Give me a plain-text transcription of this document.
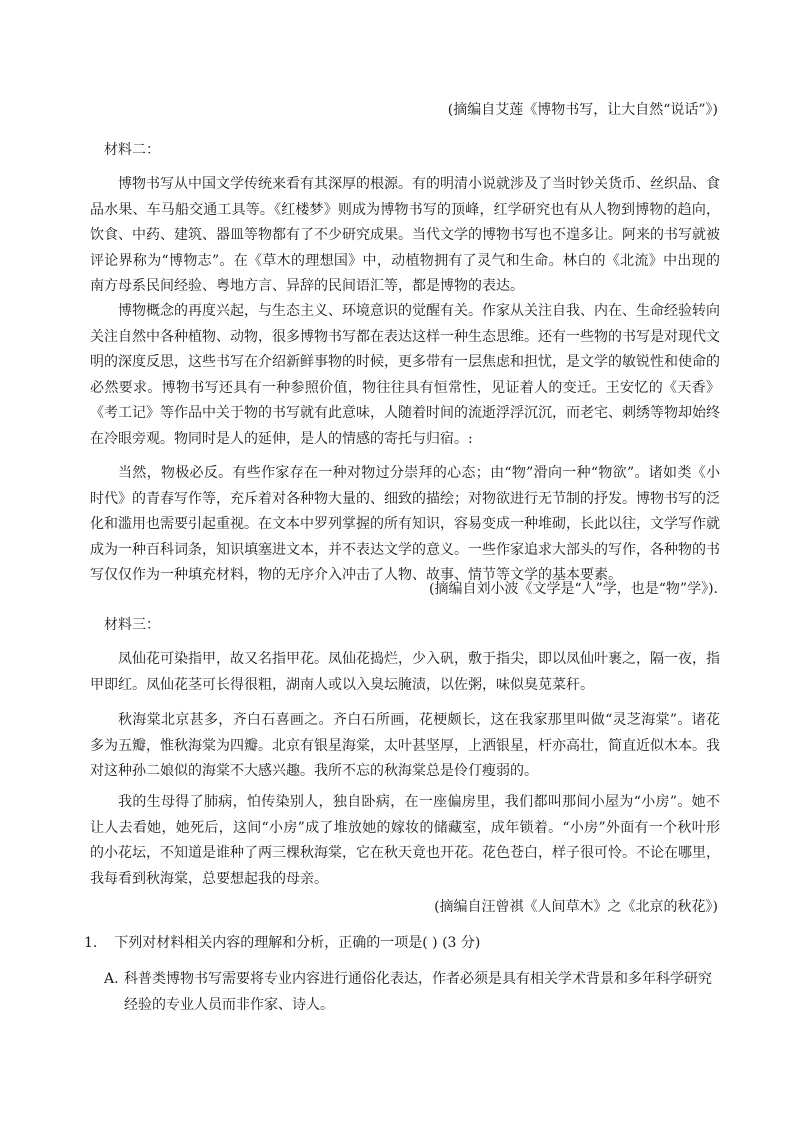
(摘编自艾莲《博物书写，让大自然“说话”》)
材料二：

博物书写从中国文学传统来看有其深厚的根源。有的明清小说就涉及了当时钞关货币、丝织品、食品水果、车马船交通工具等。《红楼梦》则成为博物书写的顶峰，红学研究也有从人物到博物的趋向，饮食、中药、建筑、器皿等物都有了不少研究成果。当代文学的博物书写也不遑多让。阿来的书写就被评论界称为“博物志”。在《草木的理想国》中，动植物拥有了灵气和生命。林白的《北流》中出现的南方母系民间经验、粤地方言、异辞的民间语汇等，都是博物的表达。

博物概念的再度兴起，与生态主义、环境意识的觉醒有关。作家从关注自我、内在、生命经验转向关注自然中各种植物、动物，很多博物书写都在表达这样一种生态思维。还有一些物的书写是对现代文明的深度反思，这些书写在介绍新鲜事物的时候，更多带有一层焦虑和担忧，是文学的敏锐性和使命的必然要求。博物书写还具有一种参照价值，物往往具有恒常性，见证着人的变迁。王安忆的《天香》《考工记》等作品中关于物的书写就有此意味，人随着时间的流逝浮浮沉沉，而老宅、刺绣等物却始终在冷眼旁观。物同时是人的延伸，是人的情感的寄托与归宿。:

当然，物极必反。有些作家存在一种对物过分崇拜的心态；由“物”滑向一种“物欲”。诸如类《小时代》的青春写作等，充斥着对各种物大量的、细致的描绘；对物欲进行无节制的抒发。博物书写的泛化和滥用也需要引起重视。在文本中罗列掌握的所有知识，容易变成一种堆砌，长此以往，文学写作就成为一种百科词条，知识填塞进文本，并不表达文学的意义。一些作家追求大部头的写作，各种物的书写仅仅作为一种填充材料，物的无序介入冲击了人物、故事、情节等文学的基本要素。

(摘编自刘小波《文学是“人”学，也是“物”学》).
材料三：

凤仙花可染指甲，故又名指甲花。凤仙花捣烂，少入矾，敷于指尖，即以凤仙叶裹之，隔一夜，指甲即红。凤仙花茎可长得很粗，湖南人或以入臭坛腌渍，以佐粥，味似臭苋菜秆。

秋海棠北京甚多，齐白石喜画之。齐白石所画，花梗颇长，这在我家那里叫做“灵芝海棠”。诸花多为五瓣，惟秋海棠为四瓣。北京有银星海棠，太叶甚坚厚，上洒银星，杆亦高壮，简直近似木本。我对这种孙二娘似的海棠不大感兴趣。我所不忘的秋海棠总是伶仃瘦弱的。

我的生母得了肺病，怕传染别人，独自卧病，在一座偏房里，我们都叫那间小屋为“小房”。她不让人去看她，她死后，这间“小房”成了堆放她的嫁妆的储藏室，成年锁着。“小房”外面有一个秋叶形的小花坛，不知道是谁种了两三棵秋海棠，它在秋天竟也开花。花色苍白，样子很可怜。不论在哪里，我每看到秋海棠，总要想起我的母亲。

(摘编自汪曾祺《人间草木》之《北京的秋花》)
1. 下列对材料相关内容的理解和分析，正确的一项是( ) (3 分)
A. 科普类博物书写需要将专业内容进行通俗化表达，作者必须是具有相关学术背景和多年科学研究
经验的专业人员而非作家、诗人。
